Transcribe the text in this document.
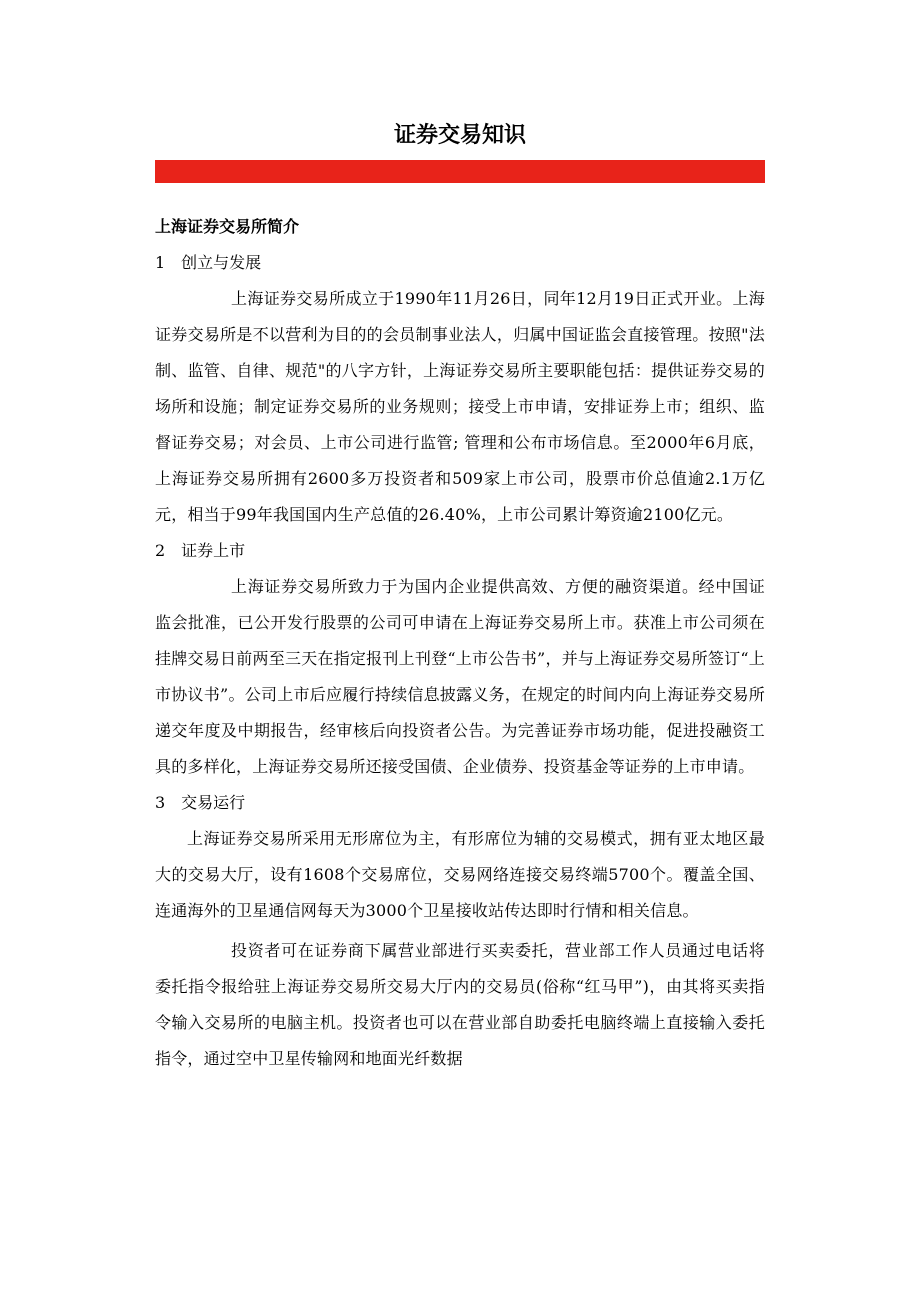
证券交易知识

上海证券交易所简介

1　创立与发展

上海证券交易所成立于1990年11月26日，同年12月19日正式开业。上海证券交易所是不以营利为目的的会员制事业法人，归属中国证监会直接管理。按照"法制、监管、自律、规范"的八字方针，上海证券交易所主要职能包括：提供证券交易的场所和设施；制定证券交易所的业务规则；接受上市申请，安排证券上市；组织、监督证券交易；对会员、上市公司进行监管; 管理和公布市场信息。至2000年6月底，上海证券交易所拥有2600多万投资者和509家上市公司，股票市价总值逾2.1万亿元，相当于99年我国国内生产总值的26.40%，上市公司累计筹资逾2100亿元。

2　证券上市

上海证券交易所致力于为国内企业提供高效、方便的融资渠道。经中国证监会批准，已公开发行股票的公司可申请在上海证券交易所上市。获准上市公司须在挂牌交易日前两至三天在指定报刊上刊登“上市公告书”，并与上海证券交易所签订“上市协议书”。公司上市后应履行持续信息披露义务，在规定的时间内向上海证券交易所递交年度及中期报告，经审核后向投资者公告。为完善证券市场功能，促进投融资工具的多样化，上海证券交易所还接受国债、企业债券、投资基金等证券的上市申请。

3　交易运行

上海证券交易所采用无形席位为主，有形席位为辅的交易模式，拥有亚太地区最大的交易大厅，设有1608个交易席位，交易网络连接交易终端5700个。覆盖全国、连通海外的卫星通信网每天为3000个卫星接收站传达即时行情和相关信息。

投资者可在证券商下属营业部进行买卖委托，营业部工作人员通过电话将委托指令报给驻上海证券交易所交易大厅内的交易员(俗称“红马甲”)，由其将买卖指令输入交易所的电脑主机。投资者也可以在营业部自助委托电脑终端上直接输入委托指令，通过空中卫星传输网和地面光纤数据
